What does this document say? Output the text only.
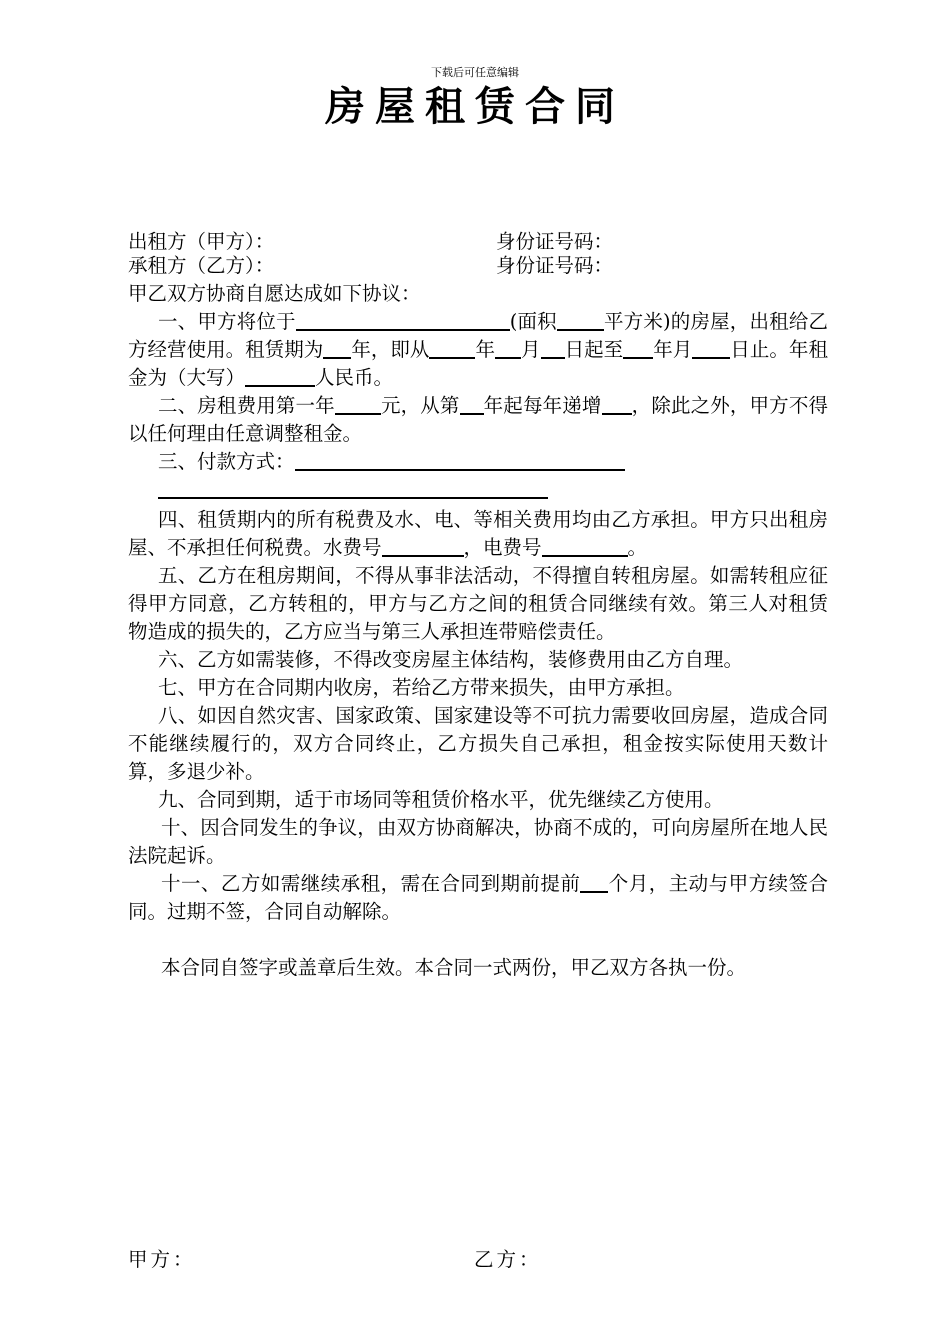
下载后可任意编辑
房屋租赁合同
出租方（甲方）：	身份证号码：
承租方（乙方）：	身份证号码：

甲乙双方协商自愿达成如下协议：

一、甲方将位于	(面积 平方米)的房屋，出租给乙方经营使用。租赁期为 年，即从 年 月 日起至 年月 日止。年租金为（大写）	人民币。

二、房租费用第一年 元，从第 年起每年递增 ，除此之外，甲方不得以任何理由任意调整租金。

三、付款方式：

四、租赁期内的所有税费及水、电、等相关费用均由乙方承担。甲方只出租房屋、不承担任何税费。水费号	，电费号	。

五、乙方在租房期间，不得从事非法活动，不得擅自转租房屋。如需转租应征得甲方同意，乙方转租的，甲方与乙方之间的租赁合同继续有效。第三人对租赁物造成的损失的，乙方应当与第三人承担连带赔偿责任。

六、乙方如需装修，不得改变房屋主体结构，装修费用由乙方自理。

七、甲方在合同期内收房，若给乙方带来损失，由甲方承担。

八、如因自然灾害、国家政策、国家建设等不可抗力需要收回房屋，造成合同不能继续履行的，双方合同终止，乙方损失自己承担，租金按实际使用天数计算，多退少补。

九、合同到期，适于市场同等租赁价格水平，优先继续乙方使用。

十、因合同发生的争议，由双方协商解决，协商不成的，可向房屋所在地人民法院起诉。

十一、乙方如需继续承租，需在合同到期前提前 个月，主动与甲方续签合同。过期不签，合同自动解除。

本合同自签字或盖章后生效。本合同一式两份，甲乙双方各执一份。

甲方：	乙方：
